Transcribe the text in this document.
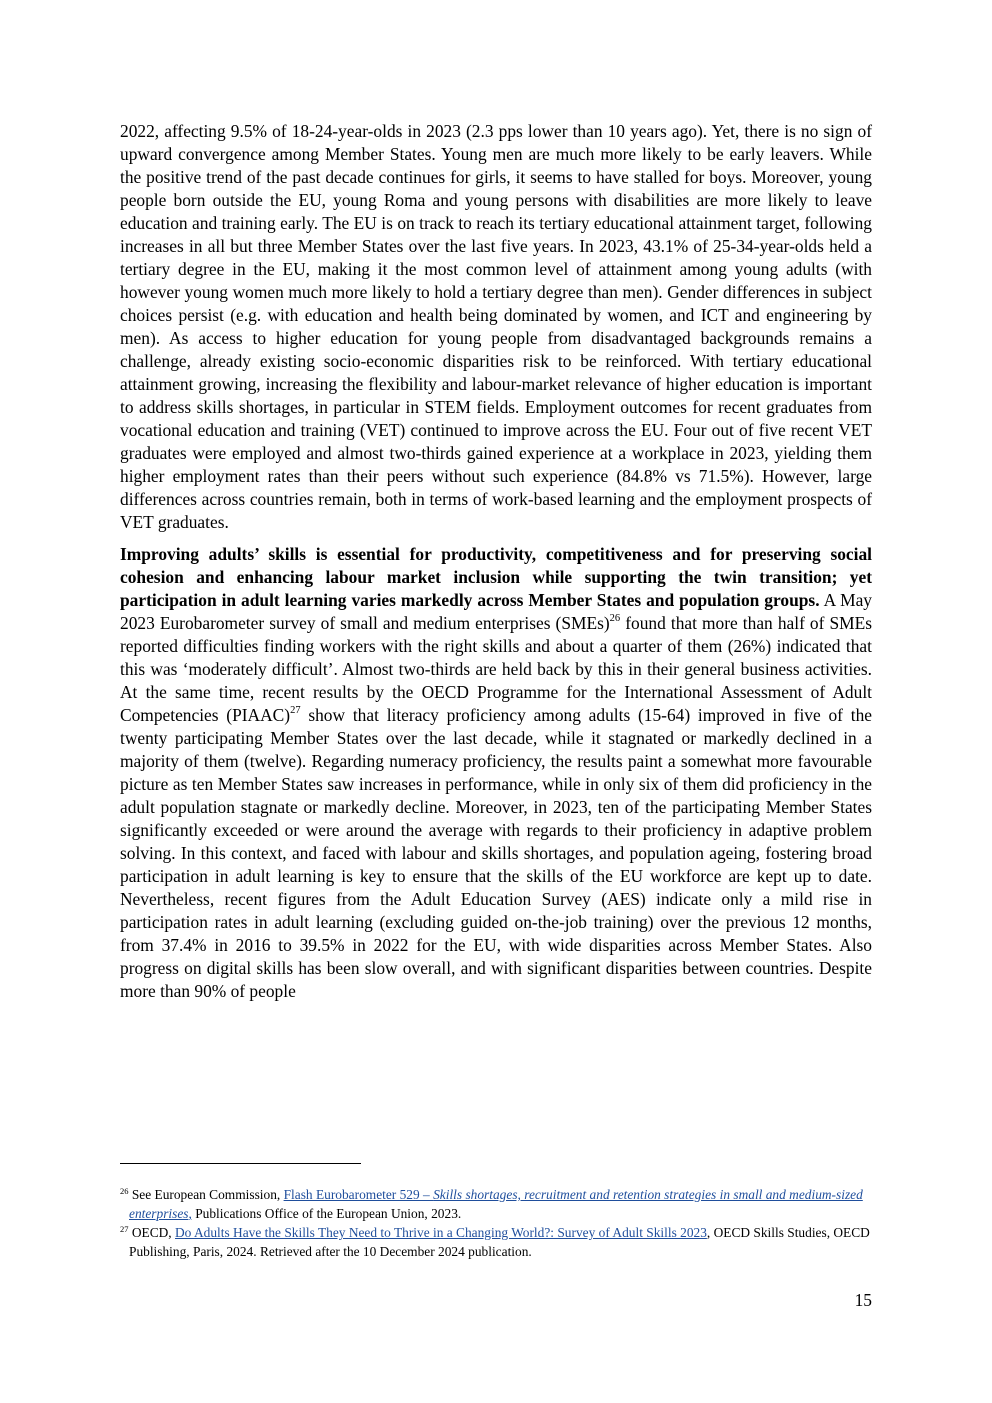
2022, affecting 9.5% of 18-24-year-olds in 2023 (2.3 pps lower than 10 years ago). Yet, there is no sign of upward convergence among Member States. Young men are much more likely to be early leavers. While the positive trend of the past decade continues for girls, it seems to have stalled for boys. Moreover, young people born outside the EU, young Roma and young persons with disabilities are more likely to leave education and training early. The EU is on track to reach its tertiary educational attainment target, following increases in all but three Member States over the last five years. In 2023, 43.1% of 25-34-year-olds held a tertiary degree in the EU, making it the most common level of attainment among young adults (with however young women much more likely to hold a tertiary degree than men). Gender differences in subject choices persist (e.g. with education and health being dominated by women, and ICT and engineering by men). As access to higher education for young people from disadvantaged backgrounds remains a challenge, already existing socio-economic disparities risk to be reinforced. With tertiary educational attainment growing, increasing the flexibility and labour-market relevance of higher education is important to address skills shortages, in particular in STEM fields. Employment outcomes for recent graduates from vocational education and training (VET) continued to improve across the EU. Four out of five recent VET graduates were employed and almost two-thirds gained experience at a workplace in 2023, yielding them higher employment rates than their peers without such experience (84.8% vs 71.5%). However, large differences across countries remain, both in terms of work-based learning and the employment prospects of VET graduates.

Improving adults’ skills is essential for productivity, competitiveness and for preserving social cohesion and enhancing labour market inclusion while supporting the twin transition; yet participation in adult learning varies markedly across Member States and population groups. A May 2023 Eurobarometer survey of small and medium enterprises (SMEs)$^{26}$ found that more than half of SMEs reported difficulties finding workers with the right skills and about a quarter of them (26%) indicated that this was ‘moderately difficult’. Almost two-thirds are held back by this in their general business activities. At the same time, recent results by the OECD Programme for the International Assessment of Adult Competencies (PIAAC)$^{27}$ show that literacy proficiency among adults (15-64) improved in five of the twenty participating Member States over the last decade, while it stagnated or markedly declined in a majority of them (twelve). Regarding numeracy proficiency, the results paint a somewhat more favourable picture as ten Member States saw increases in performance, while in only six of them did proficiency in the adult population stagnate or markedly decline. Moreover, in 2023, ten of the participating Member States significantly exceeded or were around the average with regards to their proficiency in adaptive problem solving. In this context, and faced with labour and skills shortages, and population ageing, fostering broad participation in adult learning is key to ensure that the skills of the EU workforce are kept up to date. Nevertheless, recent figures from the Adult Education Survey (AES) indicate only a mild rise in participation rates in adult learning (excluding guided on-the-job training) over the previous 12 months, from 37.4% in 2016 to 39.5% in 2022 for the EU, with wide disparities across Member States. Also progress on digital skills has been slow overall, and with significant disparities between countries. Despite more than 90% of people

$^{26}$ See European Commission, Flash Eurobarometer 529 – Skills shortages, recruitment and retention strategies in small and medium-sized enterprises, Publications Office of the European Union, 2023.

$^{27}$ OECD, Do Adults Have the Skills They Need to Thrive in a Changing World?: Survey of Adult Skills 2023, OECD Skills Studies, OECD Publishing, Paris, 2024. Retrieved after the 10 December 2024 publication.

15
